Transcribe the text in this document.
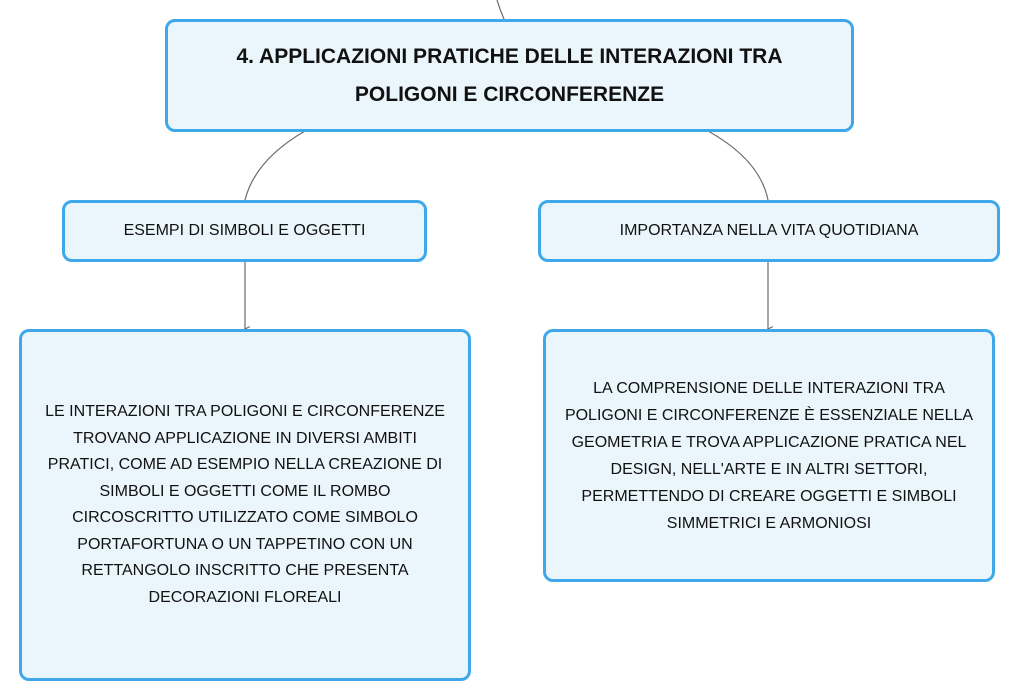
4. APPLICAZIONI PRATICHE DELLE INTERAZIONI TRA POLIGONI E CIRCONFERENZE
ESEMPI DI SIMBOLI E OGGETTI	IMPORTANZA NELLA VITA QUOTIDIANA
LE INTERAZIONI TRA POLIGONI E CIRCONFERENZE TROVANO APPLICAZIONE IN DIVERSI AMBITI PRATICI, COME AD ESEMPIO NELLA CREAZIONE DI SIMBOLI E OGGETTI COME IL ROMBO CIRCOSCRITTO UTILIZZATO COME SIMBOLO PORTAFORTUNA O UN TAPPETINO CON UN RETTANGOLO INSCRITTO CHE PRESENTA DECORAZIONI FLOREALI
LA COMPRENSIONE DELLE INTERAZIONI TRA POLIGONI E CIRCONFERENZE È ESSENZIALE NELLA GEOMETRIA E TROVA APPLICAZIONE PRATICA NEL DESIGN, NELL'ARTE E IN ALTRI SETTORI, PERMETTENDO DI CREARE OGGETTI E SIMBOLI SIMMETRICI E ARMONIOSI
